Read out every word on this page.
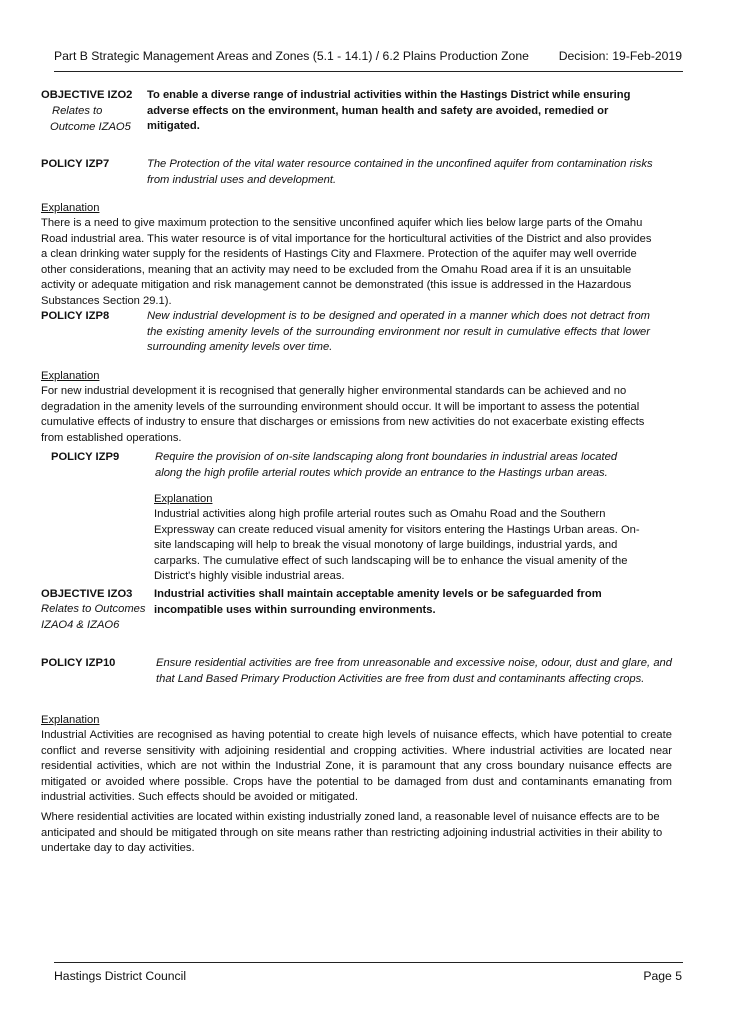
Part B Strategic Management Areas and Zones (5.1 - 14.1) / 6.2 Plains Production Zone Decision: 19-Feb-2019
OBJECTIVE IZO2
Relates to
Outcome IZAO5

To enable a diverse range of industrial activities within the Hastings District while ensuring adverse effects on the environment, human health and safety are avoided, remedied or mitigated.

POLICY IZP7	The Protection of the vital water resource contained in the unconfined aquifer from contamination risks from industrial uses and development.

Explanation

There is a need to give maximum protection to the sensitive unconfined aquifer which lies below large parts of the Omahu Road industrial area. This water resource is of vital importance for the horticultural activities of the District and also provides a clean drinking water supply for the residents of Hastings City and Flaxmere. Protection of the aquifer may well override other considerations, meaning that an activity may need to be excluded from the Omahu Road area if it is an unsuitable activity or adequate mitigation and risk management cannot be demonstrated (this issue is addressed in the Hazardous Substances Section 29.1).

POLICY IZP8	New industrial development is to be designed and operated in a manner which does not detract from the existing amenity levels of the surrounding environment nor result in cumulative effects that lower surrounding amenity levels over time.

Explanation

For new industrial development it is recognised that generally higher environmental standards can be achieved and no degradation in the amenity levels of the surrounding environment should occur. It will be important to assess the potential cumulative effects of industry to ensure that discharges or emissions from new activities do not exacerbate existing effects from established operations.

POLICY IZP9	Require the provision of on-site landscaping along front boundaries in industrial areas located along the high profile arterial routes which provide an entrance to the Hastings urban areas.

Explanation

Industrial activities along high profile arterial routes such as Omahu Road and the Southern Expressway can create reduced visual amenity for visitors entering the Hastings Urban areas. On-site landscaping will help to break the visual monotony of large buildings, industrial yards, and carparks. The cumulative effect of such landscaping will be to enhance the visual amenity of the District's highly visible industrial areas.

OBJECTIVE IZO3
Relates to Outcomes
IZAO4 & IZAO6

Industrial activities shall maintain acceptable amenity levels or be safeguarded from incompatible uses within surrounding environments.

POLICY IZP10	Ensure residential activities are free from unreasonable and excessive noise, odour, dust and glare, and that Land Based Primary Production Activities are free from dust and contaminants affecting crops.

Explanation

Industrial Activities are recognised as having potential to create high levels of nuisance effects, which have potential to create conflict and reverse sensitivity with adjoining residential and cropping activities. Where industrial activities are located near residential activities, which are not within the Industrial Zone, it is paramount that any cross boundary nuisance effects are mitigated or avoided where possible. Crops have the potential to be damaged from dust and contaminants emanating from industrial activities. Such effects should be avoided or mitigated.

Where residential activities are located within existing industrially zoned land, a reasonable level of nuisance effects are to be anticipated and should be mitigated through on site means rather than restricting adjoining industrial activities in their ability to undertake day to day activities.

Hastings District Council	Page 5
